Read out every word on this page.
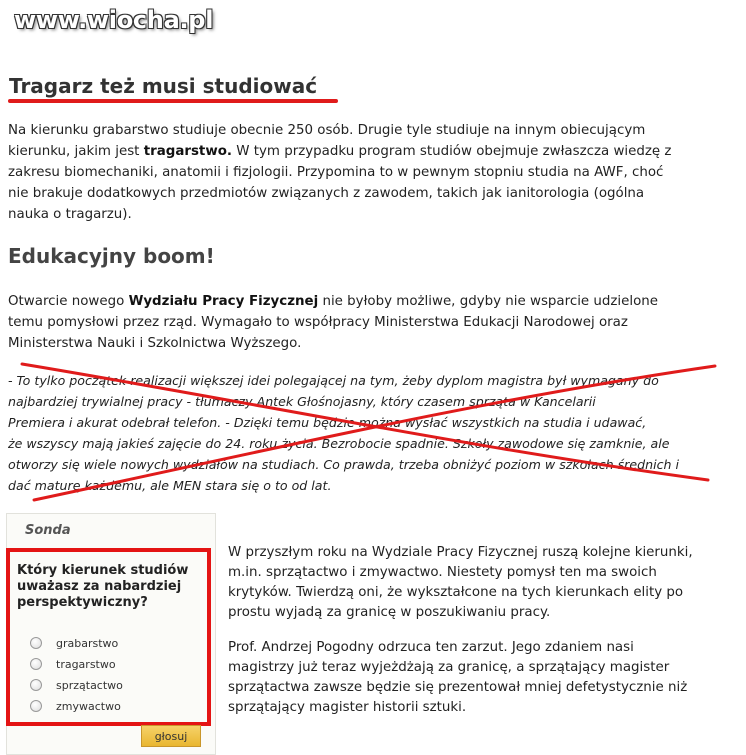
www.wiocha.pl
Tragarz też musi studiować
Na kierunku grabarstwo studiuje obecnie 250 osób. Drugie tyle studiuje na innym obiecującym
kierunku, jakim jest tragarstwo. W tym przypadku program studiów obejmuje zwłaszcza wiedzę z
zakresu biomechaniki, anatomii i fizjologii. Przypomina to w pewnym stopniu studia na AWF, choć
nie brakuje dodatkowych przedmiotów związanych z zawodem, takich jak ianitorologia (ogólna
nauka o tragarzu).
Edukacyjny boom!
Otwarcie nowego Wydziału Pracy Fizycznej nie byłoby możliwe, gdyby nie wsparcie udzielone
temu pomysłowi przez rząd. Wymagało to współpracy Ministerstwa Edukacji Narodowej oraz
Ministerstwa Nauki i Szkolnictwa Wyższego.
- To tylko początek realizacji większej idei polegającej na tym, żeby dyplom magistra był wymagany do
najbardziej trywialnej pracy - tłumaczy Antek Głośnojasny, który czasem sprząta w Kancelarii
Premiera i akurat odebrał telefon. - Dzięki temu będzie można wysłać wszystkich na studia i udawać,
że wszyscy mają jakieś zajęcie do 24. roku życia. Bezrobocie spadnie. Szkoły zawodowe się zamknie, ale
otworzy się wiele nowych wydziałów na studiach. Co prawda, trzeba obniżyć poziom w szkołach średnich i
dać maturę każdemu, ale MEN stara się o to od lat.
Sonda
Który kierunek studiów
uważasz za nabardziej
perspektywiczny?
grabarstwo
tragarstwo
sprzątactwo
zmywactwo
głosuj
W przyszłym roku na Wydziale Pracy Fizycznej ruszą kolejne kierunki,
m.in. sprzątactwo i zmywactwo. Niestety pomysł ten ma swoich
krytyków. Twierdzą oni, że wykształcone na tych kierunkach elity po
prostu wyjadą za granicę w poszukiwaniu pracy.
Prof. Andrzej Pogodny odrzuca ten zarzut. Jego zdaniem nasi
magistrzy już teraz wyjeżdżają za granicę, a sprzątający magister
sprzątactwa zawsze będzie się prezentował mniej defetystycznie niż
sprzątający magister historii sztuki.
